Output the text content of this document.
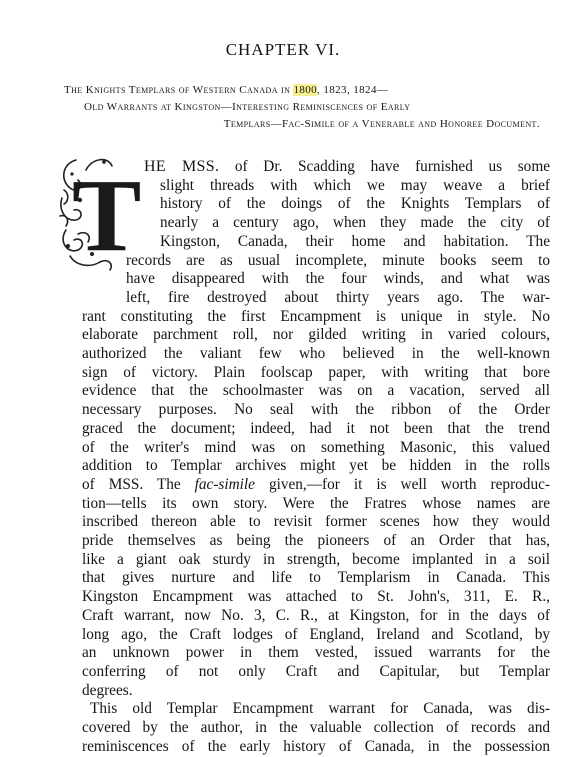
CHAPTER VI.
The Knights Templars of Western Canada in 1800, 1823, 1824—
Old Warrants at Kingston—Interesting Reminiscences of Early
Templars—Fac-Simile of a Venerable and Honoree Document.
T HE MSS. of Dr. Scadding have furnished us some
slight threads with which we may weave a brief
history of the doings of the Knights Templars of
nearly a century ago, when they made the city of
Kingston, Canada, their home and habitation. The
records are as usual incomplete, minute books seem to
have disappeared with the four winds, and what was
left, fire destroyed about thirty years ago. The war-
rant constituting the first Encampment is unique in style. No
elaborate parchment roll, nor gilded writing in varied colours,
authorized the valiant few who believed in the well-known
sign of victory. Plain foolscap paper, with writing that bore
evidence that the schoolmaster was on a vacation, served all
necessary purposes. No seal with the ribbon of the Order
graced the document; indeed, had it not been that the trend
of the writer's mind was on something Masonic, this valued
addition to Templar archives might yet be hidden in the rolls
of MSS. The fac-simile given,—for it is well worth reproduc-
tion—tells its own story. Were the Fratres whose names are
inscribed thereon able to revisit former scenes how they would
pride themselves as being the pioneers of an Order that has,
like a giant oak sturdy in strength, become implanted in a soil
that gives nurture and life to Templarism in Canada. This
Kingston Encampment was attached to St. John's, 311, E. R.,
Craft warrant, now No. 3, C. R., at Kingston, for in the days of
long ago, the Craft lodges of England, Ireland and Scotland, by
an unknown power in them vested, issued warrants for the
conferring of not only Craft and Capitular, but Templar
degrees.
This old Templar Encampment warrant for Canada, was dis-
covered by the author, in the valuable collection of records and
reminiscences of the early history of Canada, in the possession
